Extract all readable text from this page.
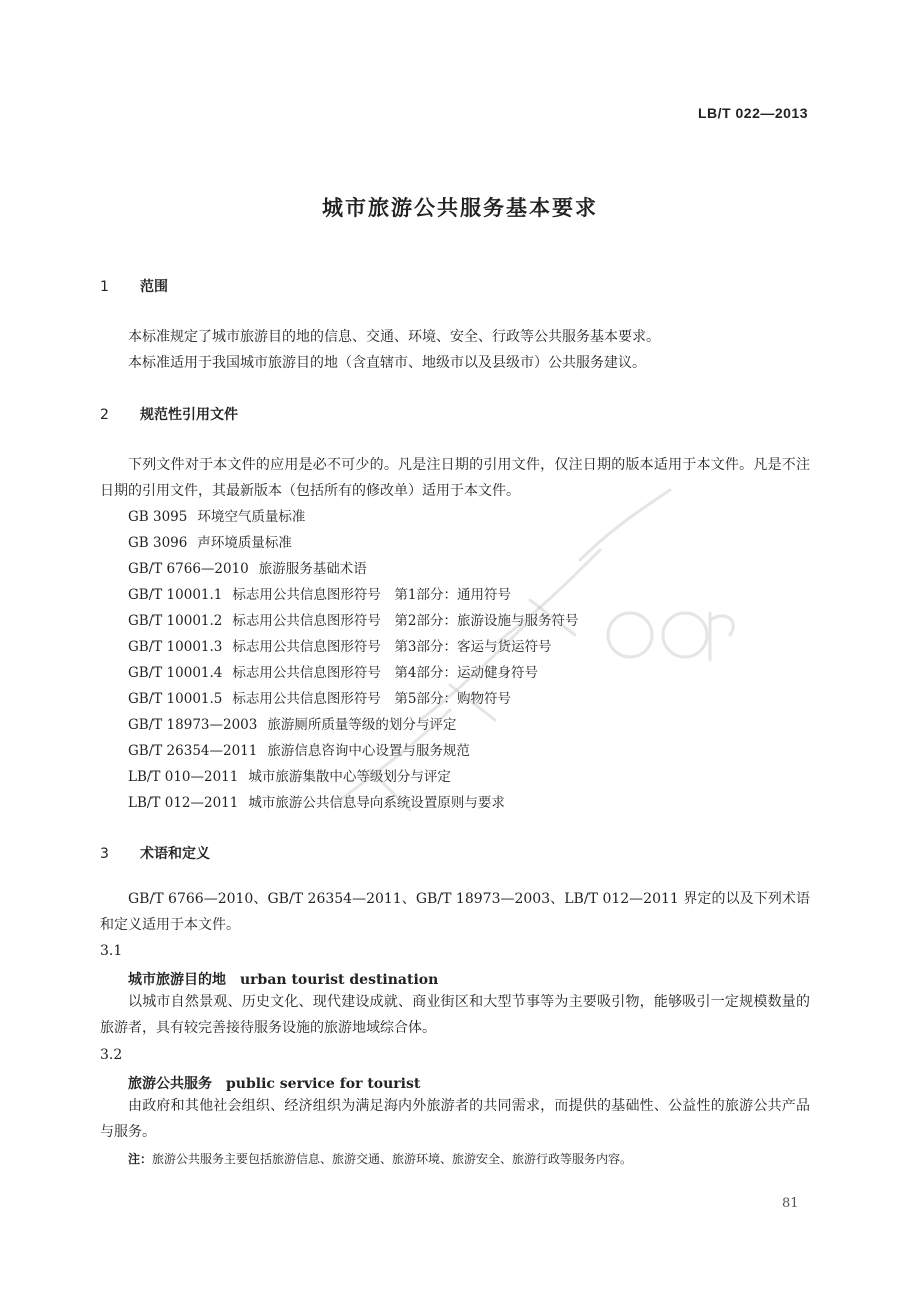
LB/T 022—2013
城市旅游公共服务基本要求
1 范围
本标准规定了城市旅游目的地的信息、交通、环境、安全、行政等公共服务基本要求。
本标准适用于我国城市旅游目的地（含直辖市、地级市以及县级市）公共服务建议。
2 规范性引用文件
下列文件对于本文件的应用是必不可少的。凡是注日期的引用文件，仅注日期的版本适用于本文件。凡是不注日期的引用文件，其最新版本（包括所有的修改单）适用于本文件。
GB 3095 环境空气质量标准
GB 3096 声环境质量标准
GB/T 6766—2010 旅游服务基础术语
GB/T 10001.1 标志用公共信息图形符号　第1部分：通用符号
GB/T 10001.2 标志用公共信息图形符号　第2部分：旅游设施与服务符号
GB/T 10001.3 标志用公共信息图形符号　第3部分：客运与货运符号
GB/T 10001.4 标志用公共信息图形符号　第4部分：运动健身符号
GB/T 10001.5 标志用公共信息图形符号　第5部分：购物符号
GB/T 18973—2003 旅游厕所质量等级的划分与评定
GB/T 26354—2011 旅游信息咨询中心设置与服务规范
LB/T 010—2011 城市旅游集散中心等级划分与评定
LB/T 012—2011 城市旅游公共信息导向系统设置原则与要求
3 术语和定义
GB/T 6766—2010、GB/T 26354—2011、GB/T 18973—2003、LB/T 012—2011 界定的以及下列术语和定义适用于本文件。
3.1
城市旅游目的地 urban tourist destination
以城市自然景观、历史文化、现代建设成就、商业街区和大型节事等为主要吸引物，能够吸引一定规模数量的旅游者，具有较完善接待服务设施的旅游地域综合体。
3.2
旅游公共服务 public service for tourist
由政府和其他社会组织、经济组织为满足海内外旅游者的共同需求，而提供的基础性、公益性的旅游公共产品与服务。
注：旅游公共服务主要包括旅游信息、旅游交通、旅游环境、旅游安全、旅游行政等服务内容。
81
